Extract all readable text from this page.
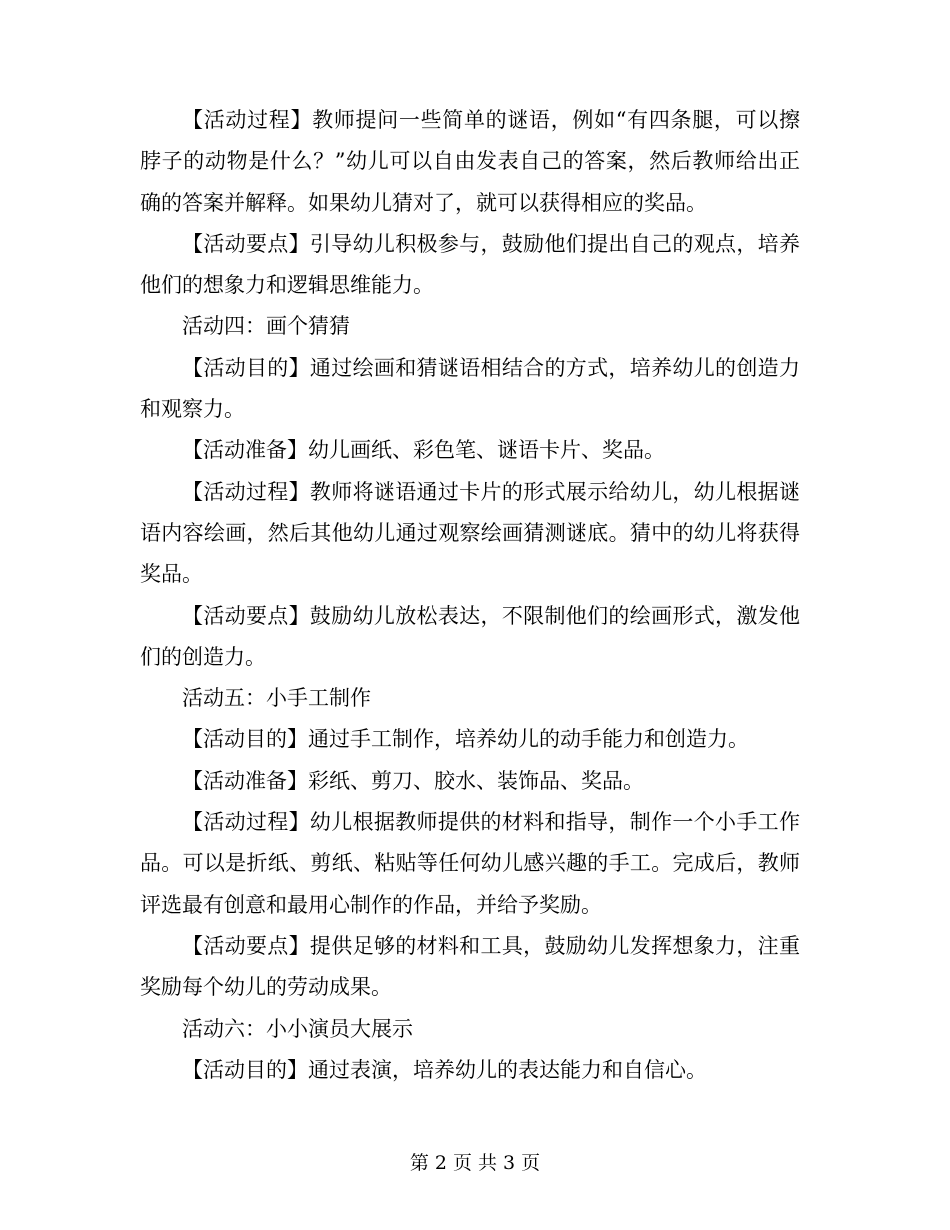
【活动过程】教师提问一些简单的谜语，例如“有四条腿，可以擦脖子的动物是什么？”幼儿可以自由发表自己的答案，然后教师给出正确的答案并解释。如果幼儿猜对了，就可以获得相应的奖品。

【活动要点】引导幼儿积极参与，鼓励他们提出自己的观点，培养他们的想象力和逻辑思维能力。

活动四：画个猜猜

【活动目的】通过绘画和猜谜语相结合的方式，培养幼儿的创造力和观察力。

【活动准备】幼儿画纸、彩色笔、谜语卡片、奖品。

【活动过程】教师将谜语通过卡片的形式展示给幼儿，幼儿根据谜语内容绘画，然后其他幼儿通过观察绘画猜测谜底。猜中的幼儿将获得奖品。

【活动要点】鼓励幼儿放松表达，不限制他们的绘画形式，激发他们的创造力。

活动五：小手工制作

【活动目的】通过手工制作，培养幼儿的动手能力和创造力。

【活动准备】彩纸、剪刀、胶水、装饰品、奖品。

【活动过程】幼儿根据教师提供的材料和指导，制作一个小手工作品。可以是折纸、剪纸、粘贴等任何幼儿感兴趣的手工。完成后，教师评选最有创意和最用心制作的作品，并给予奖励。

【活动要点】提供足够的材料和工具，鼓励幼儿发挥想象力，注重奖励每个幼儿的劳动成果。

活动六：小小演员大展示

【活动目的】通过表演，培养幼儿的表达能力和自信心。

第 2 页 共 3 页
